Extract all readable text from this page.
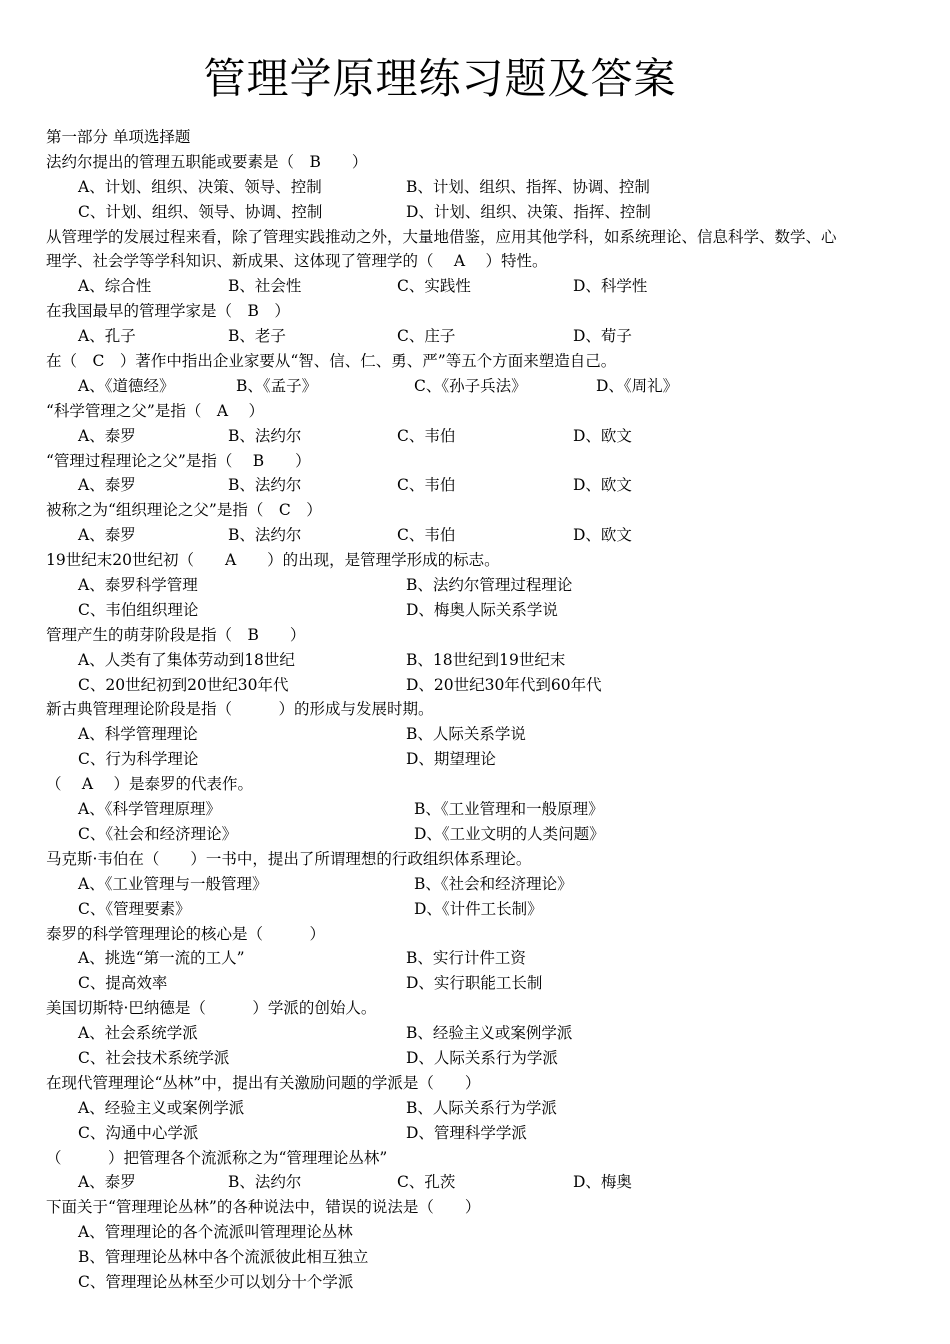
管理学原理练习题及答案
第一部分 单项选择题
法约尔提出的管理五职能或要素是（　B　　）
A、计划、组织、决策、领导、控制	B、计划、组织、指挥、协调、控制
C、计划、组织、领导、协调、控制	D、计划、组织、决策、指挥、控制
从管理学的发展过程来看，除了管理实践推动之外，大量地借鉴，应用其他学科，如系统理论、信息科学、数学、心
理学、社会学等学科知识、新成果、这体现了管理学的（　 A　 ）特性。
A、综合性	B、社会性	C、实践性	D、科学性
在我国最早的管理学家是（　B　）
A、孔子	B、老子	C、庄子	D、荀子
在（　C　）著作中指出企业家要从“智、信、仁、勇、严”等五个方面来塑造自己。
A、《道德经》	B、《孟子》	C、《孙子兵法》	D、《周礼》
“科学管理之父”是指（　A　 ）
A、泰罗	B、法约尔	C、韦伯	D、欧文
“管理过程理论之父”是指（　 B　　）
A、泰罗	B、法约尔	C、韦伯	D、欧文
被称之为“组织理论之父”是指（　C　）
A、泰罗	B、法约尔	C、韦伯	D、欧文
19世纪末20世纪初（　　A　　）的出现，是管理学形成的标志。
A、泰罗科学管理	B、法约尔管理过程理论
C、韦伯组织理论	D、梅奥人际关系学说
管理产生的萌芽阶段是指（　B　　）
A、人类有了集体劳动到18世纪	B、18世纪到19世纪末
C、20世纪初到20世纪30年代	D、20世纪30年代到60年代
新古典管理理论阶段是指（　　　）的形成与发展时期。
A、科学管理理论	B、人际关系学说
C、行为科学理论	D、期望理论
（　 A　 ）是泰罗的代表作。
A、《科学管理原理》	B、《工业管理和一般原理》
C、《社会和经济理论》	D、《工业文明的人类问题》
马克斯·韦伯在（　　）一书中，提出了所谓理想的行政组织体系理论。
A、《工业管理与一般管理》	B、《社会和经济理论》
C、《管理要素》	D、《计件工长制》
泰罗的科学管理理论的核心是（　　　）
A、挑选“第一流的工人”	B、实行计件工资
C、提高效率	D、实行职能工长制
美国切斯特·巴纳德是（　　　）学派的创始人。
A、社会系统学派	B、经验主义或案例学派
C、社会技术系统学派	D、人际关系行为学派
在现代管理理论“丛林”中，提出有关激励问题的学派是（　　）
A、经验主义或案例学派	B、人际关系行为学派
C、沟通中心学派	D、管理科学学派
（　　　）把管理各个流派称之为“管理理论丛林”
A、泰罗	B、法约尔	C、孔茨	D、梅奥
下面关于“管理理论丛林”的各种说法中，错误的说法是（　　）
A、管理理论的各个流派叫管理理论丛林
B、管理理论丛林中各个流派彼此相互独立
C、管理理论丛林至少可以划分十个学派
